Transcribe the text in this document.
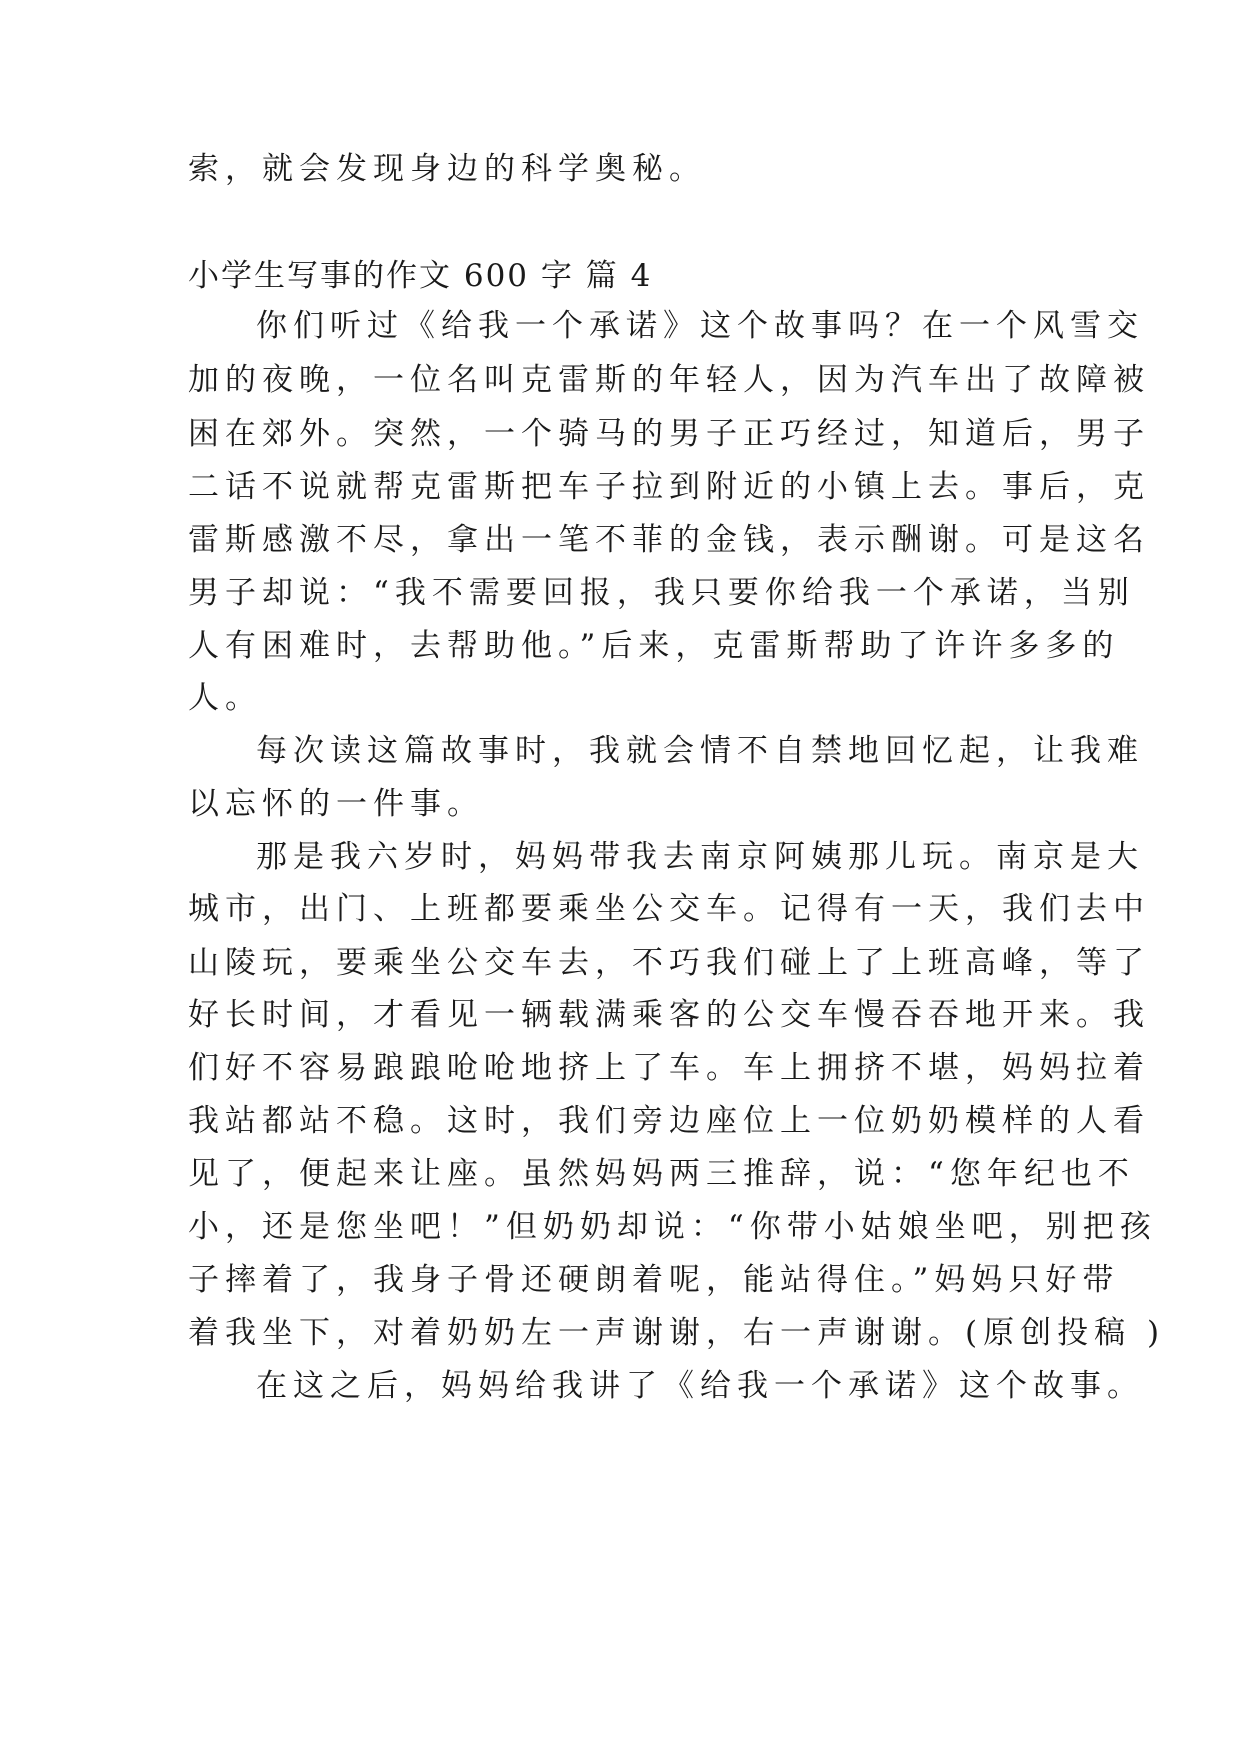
索，就会发现身边的科学奥秘。
小学生写事的作文 600 字 篇 4
你们听过《给我一个承诺》这个故事吗？在一个风雪交
加的夜晚，一位名叫克雷斯的年轻人，因为汽车出了故障被
困在郊外。突然，一个骑马的男子正巧经过，知道后，男子
二话不说就帮克雷斯把车子拉到附近的小镇上去。事后，克
雷斯感激不尽，拿出一笔不菲的金钱，表示酬谢。可是这名
男子却说：“我不需要回报，我只要你给我一个承诺，当别
人有困难时，去帮助他。”后来，克雷斯帮助了许许多多的
人。
每次读这篇故事时，我就会情不自禁地回忆起，让我难
以忘怀的一件事。
那是我六岁时，妈妈带我去南京阿姨那儿玩。南京是大
城市，出门、上班都要乘坐公交车。记得有一天，我们去中
山陵玩，要乘坐公交车去，不巧我们碰上了上班高峰，等了
好长时间，才看见一辆载满乘客的公交车慢吞吞地开来。我
们好不容易踉踉呛呛地挤上了车。车上拥挤不堪，妈妈拉着
我站都站不稳。这时，我们旁边座位上一位奶奶模样的人看
见了，便起来让座。虽然妈妈两三推辞，说：“您年纪也不
小，还是您坐吧！”但奶奶却说：“你带小姑娘坐吧，别把孩
子摔着了，我身子骨还硬朗着呢，能站得住。”妈妈只好带
着我坐下，对着奶奶左一声谢谢，右一声谢谢。(原创投稿 )
在这之后，妈妈给我讲了《给我一个承诺》这个故事。
